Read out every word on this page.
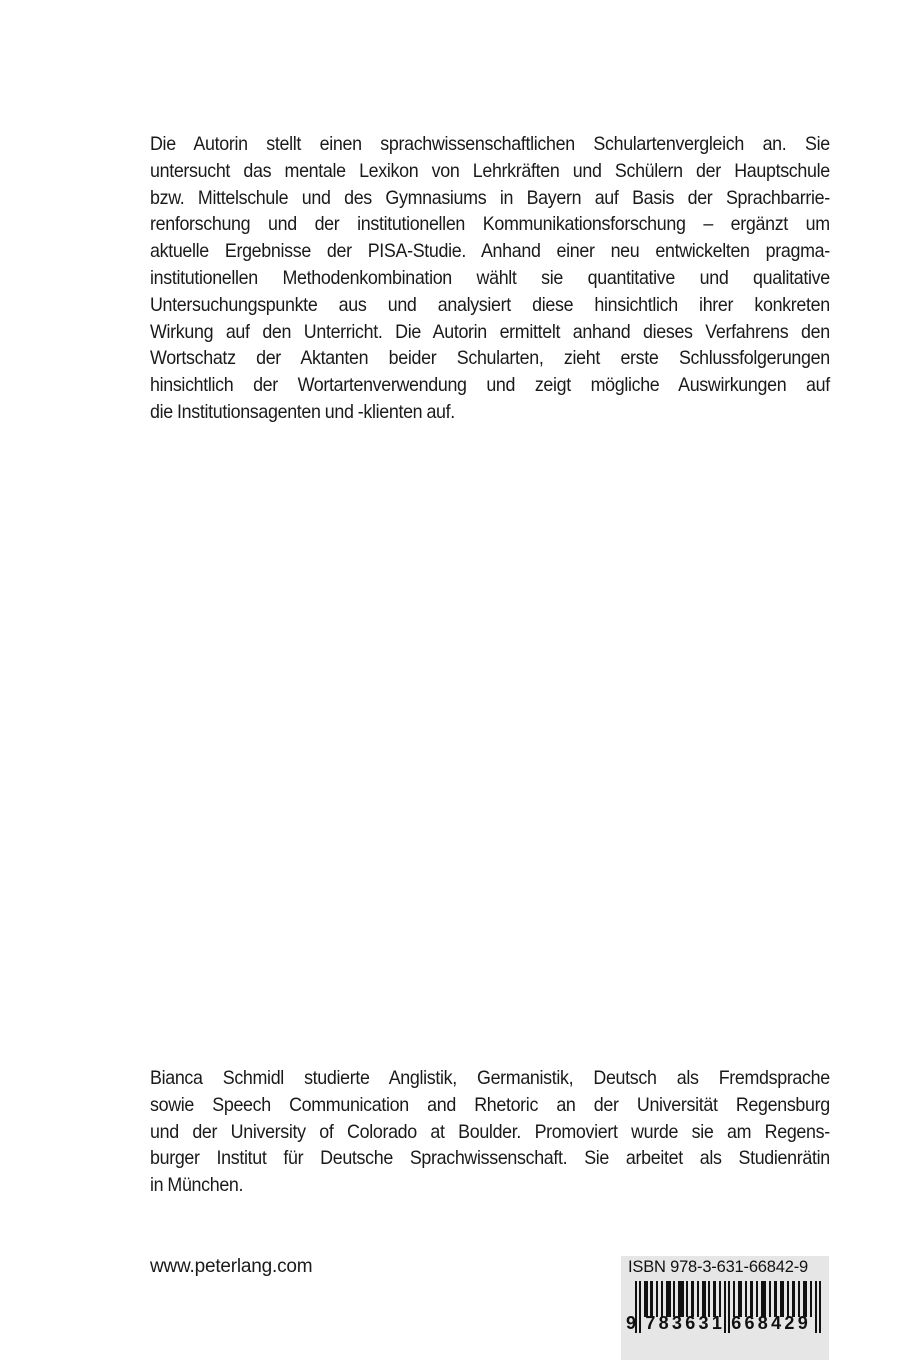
Die Autorin stellt einen sprachwissenschaftlichen Schulartenvergleich an. Sie
untersucht das mentale Lexikon von Lehrkräften und Schülern der Hauptschule
bzw. Mittelschule und des Gymnasiums in Bayern auf Basis der Sprachbarrie-
renforschung und der institutionellen Kommunikationsforschung – ergänzt um
aktuelle Ergebnisse der PISA-Studie. Anhand einer neu entwickelten pragma-
institutionellen Methodenkombination wählt sie quantitative und qualitative
Untersuchungspunkte aus und analysiert diese hinsichtlich ihrer konkreten
Wirkung auf den Unterricht. Die Autorin ermittelt anhand dieses Verfahrens den
Wortschatz der Aktanten beider Schularten, zieht erste Schlussfolgerungen
hinsichtlich der Wortartenverwendung und zeigt mögliche Auswirkungen auf
die Institutionsagenten und -klienten auf.
Bianca Schmidl studierte Anglistik, Germanistik, Deutsch als Fremdsprache
sowie Speech Communication and Rhetoric an der Universität Regensburg
und der University of Colorado at Boulder. Promoviert wurde sie am Regens-
burger Institut für Deutsche Sprachwissenschaft. Sie arbeitet als Studienrätin
in München.
www.peterlang.com	ISBN 978-3-631-66842-9
9 783631 668429
